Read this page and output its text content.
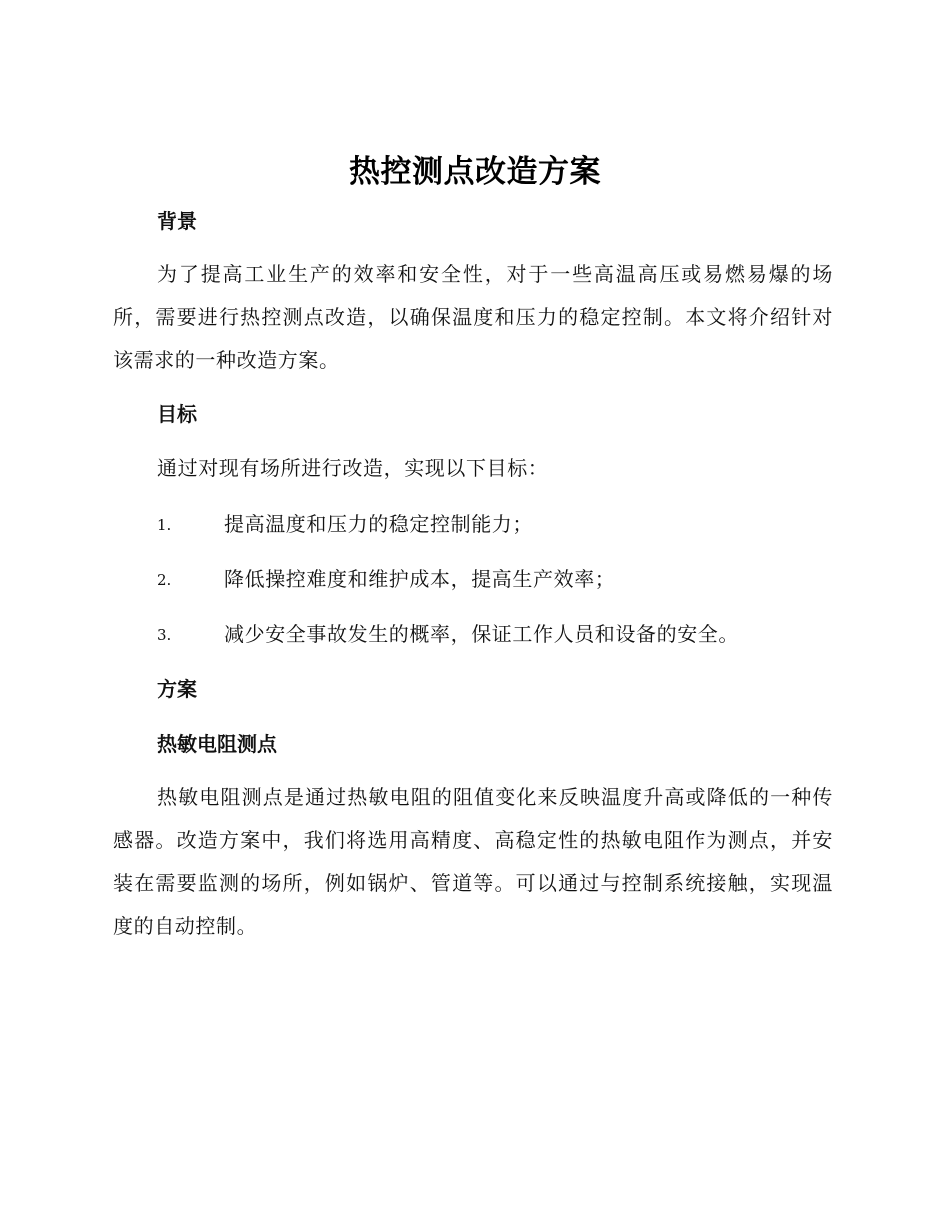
热控测点改造方案
背景
为了提高工业生产的效率和安全性，对于一些高温高压或易燃易爆的场所，需要进行热控测点改造，以确保温度和压力的稳定控制。本文将介绍针对该需求的一种改造方案。
目标
通过对现有场所进行改造，实现以下目标：
1.	提高温度和压力的稳定控制能力；
2.	降低操控难度和维护成本，提高生产效率；
3.	减少安全事故发生的概率，保证工作人员和设备的安全。
方案
热敏电阻测点
热敏电阻测点是通过热敏电阻的阻值变化来反映温度升高或降低的一种传感器。改造方案中，我们将选用高精度、高稳定性的热敏电阻作为测点，并安装在需要监测的场所，例如锅炉、管道等。可以通过与控制系统接触，实现温度的自动控制。
